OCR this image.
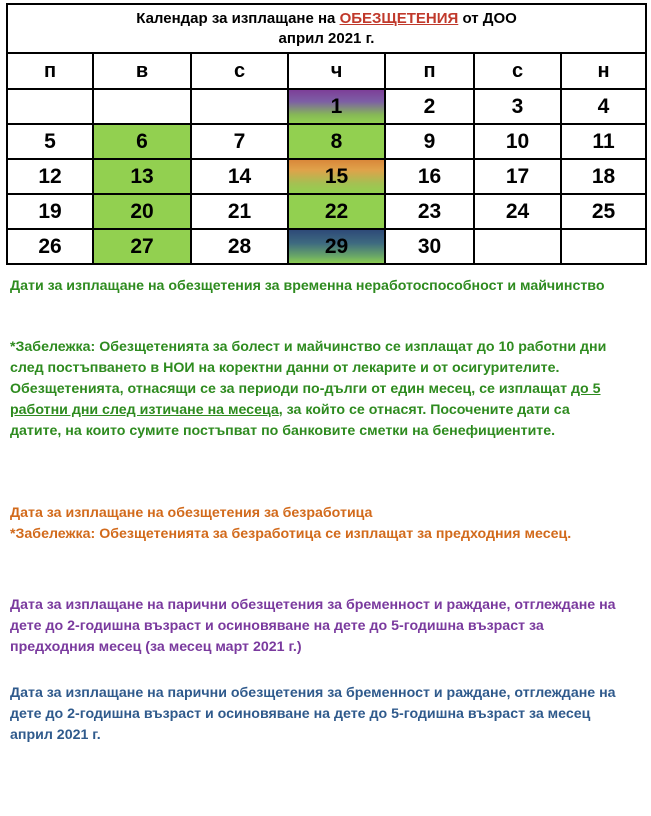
Календар за изплащане на ОБЕЗЩЕТЕНИЯ от ДОО
април 2021 г.						

п	в	с	ч	п	с	н
			1	2	3	4
5	6	7	8	9	10	11
12	13	14	15	16	17	18
19	20	21	22	23	24	25
26	27	28	29	30		

Дати за изплащане на обезщетения за временна неработоспособност и майчинство

*Забележка: Обезщетенията за болест и майчинство се изплащат до 10 работни дни след постъпването в НОИ на коректни данни от лекарите и от осигурителите. Обезщетенията, отнасящи се за периоди по-дълги от един месец, се изплащат до 5 работни дни след изтичане на месеца, за който се отнасят. Посочените дати са датите, на които сумите постъпват по банковите сметки на бенефициентите.

Дата за изплащане на обезщетения за безработица

*Забележка: Обезщетенията за безработица се изплащат за предходния месец.

Дата за изплащане на парични обезщетения за бременност и раждане, отглеждане на дете до 2-годишна възраст и осиновяване на дете до 5-годишна възраст за предходния месец (за месец март 2021 г.)

Дата за изплащане на парични обезщетения за бременност и раждане, отглеждане на дете до 2-годишна възраст и осиновяване на дете до 5-годишна възраст за месец април 2021 г.
